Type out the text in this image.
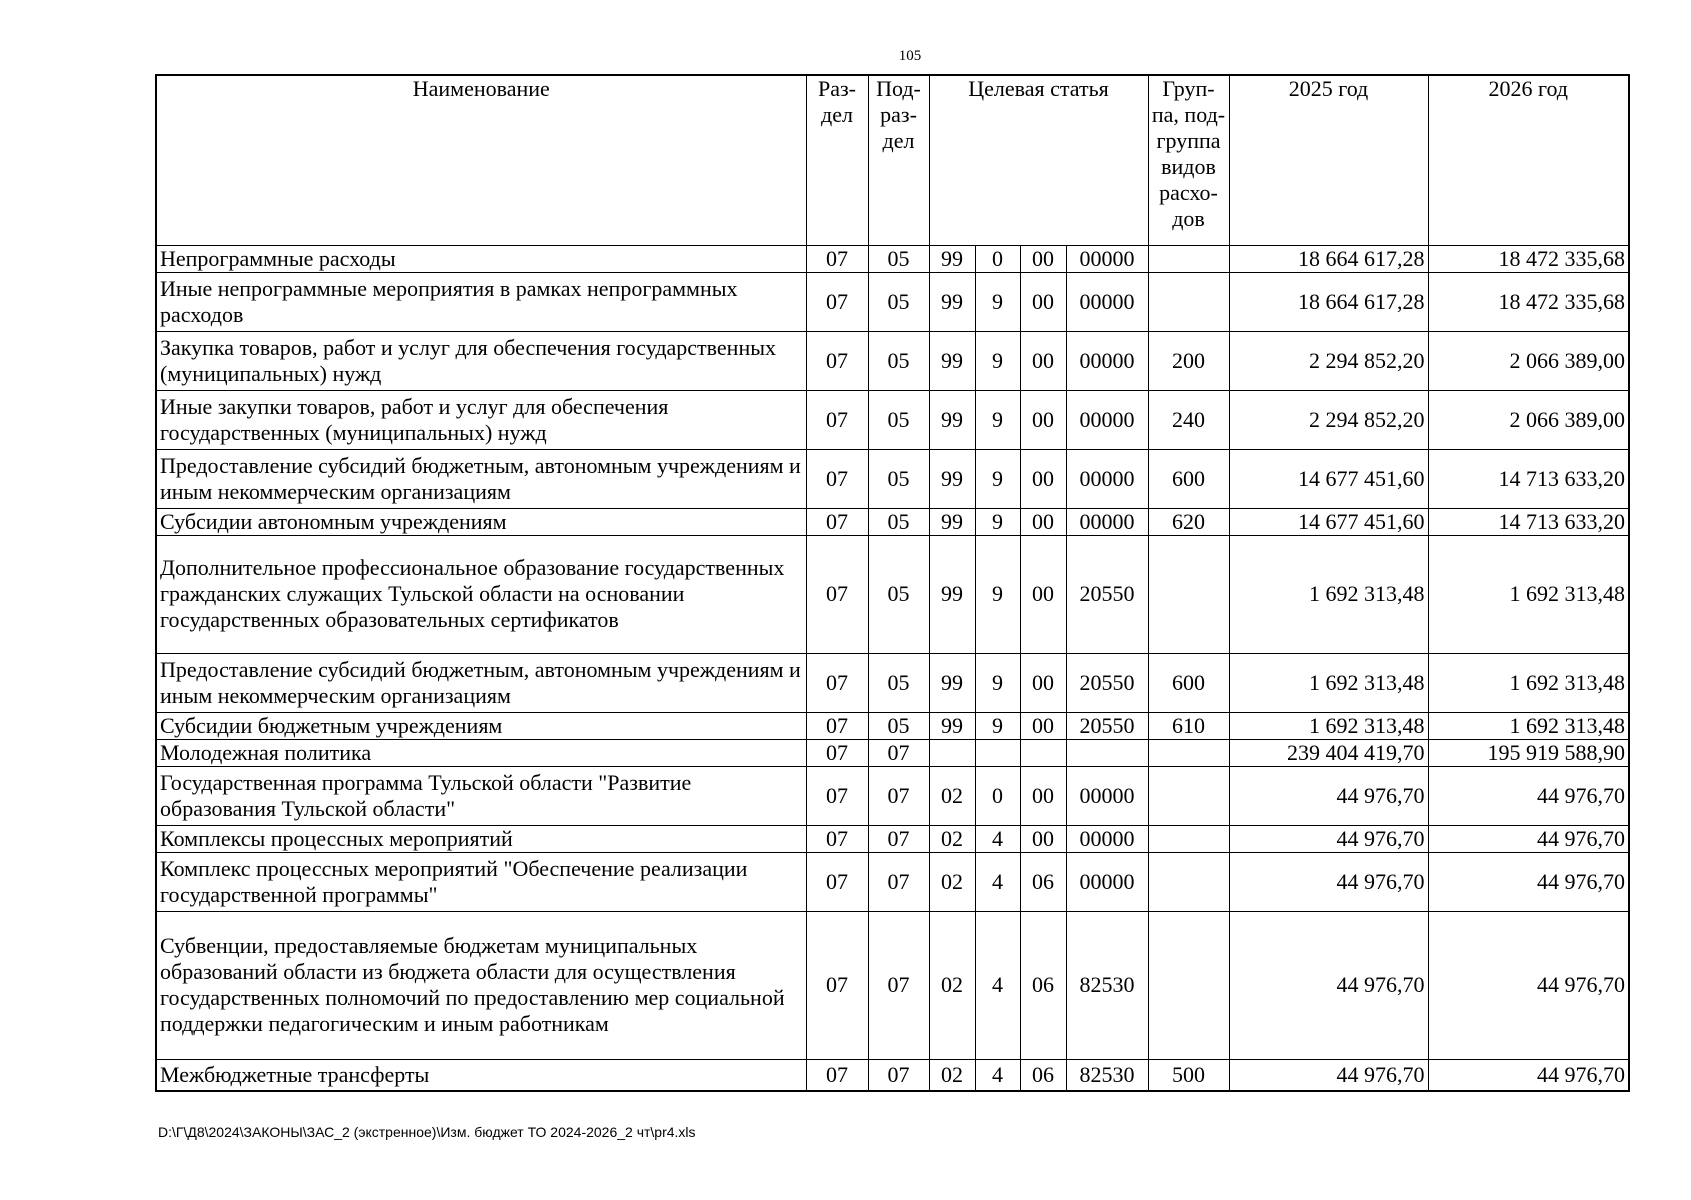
105
Наименование	Раз-дел	Под-раз-дел	Целевая статья				Груп-па, под-группа видов расхо-дов	2025 год	2026 год
Непрограммные расходы	07	05	99	0	00	00000		18 664 617,28	18 472 335,68
Иные непрограммные мероприятия в рамках непрограммных расходов	07	05	99	9	00	00000		18 664 617,28	18 472 335,68
Закупка товаров, работ и услуг для обеспечения государственных (муниципальных) нужд	07	05	99	9	00	00000	200	2 294 852,20	2 066 389,00
Иные закупки товаров, работ и услуг для обеспечения государственных (муниципальных) нужд	07	05	99	9	00	00000	240	2 294 852,20	2 066 389,00
Предоставление субсидий бюджетным, автономным учреждениям и иным некоммерческим организациям	07	05	99	9	00	00000	600	14 677 451,60	14 713 633,20
Субсидии автономным учреждениям	07	05	99	9	00	00000	620	14 677 451,60	14 713 633,20
Дополнительное профессиональное образование государственных гражданских служащих Тульской области на основании государственных образовательных сертификатов	07	05	99	9	00	20550		1 692 313,48	1 692 313,48
Предоставление субсидий бюджетным, автономным учреждениям и иным некоммерческим организациям	07	05	99	9	00	20550	600	1 692 313,48	1 692 313,48
Субсидии бюджетным учреждениям	07	05	99	9	00	20550	610	1 692 313,48	1 692 313,48
Молодежная политика	07	07						239 404 419,70	195 919 588,90
Государственная программа Тульской области "Развитие образования Тульской области"	07	07	02	0	00	00000		44 976,70	44 976,70
Комплексы процессных мероприятий	07	07	02	4	00	00000		44 976,70	44 976,70
Комплекс процессных мероприятий "Обеспечение реализации государственной программы"	07	07	02	4	06	00000		44 976,70	44 976,70
Субвенции, предоставляемые бюджетам муниципальных образований области из бюджета области для осуществления государственных полномочий по предоставлению мер социальной поддержки педагогическим и иным работникам	07	07	02	4	06	82530		44 976,70	44 976,70
Межбюджетные трансферты	07	07	02	4	06	82530	500	44 976,70	44 976,70
D:\Г\Д8\2024\ЗАКОНЫ\ЗАС_2 (экстренное)\Изм. бюджет ТО 2024-2026_2 чт\pr4.xls
